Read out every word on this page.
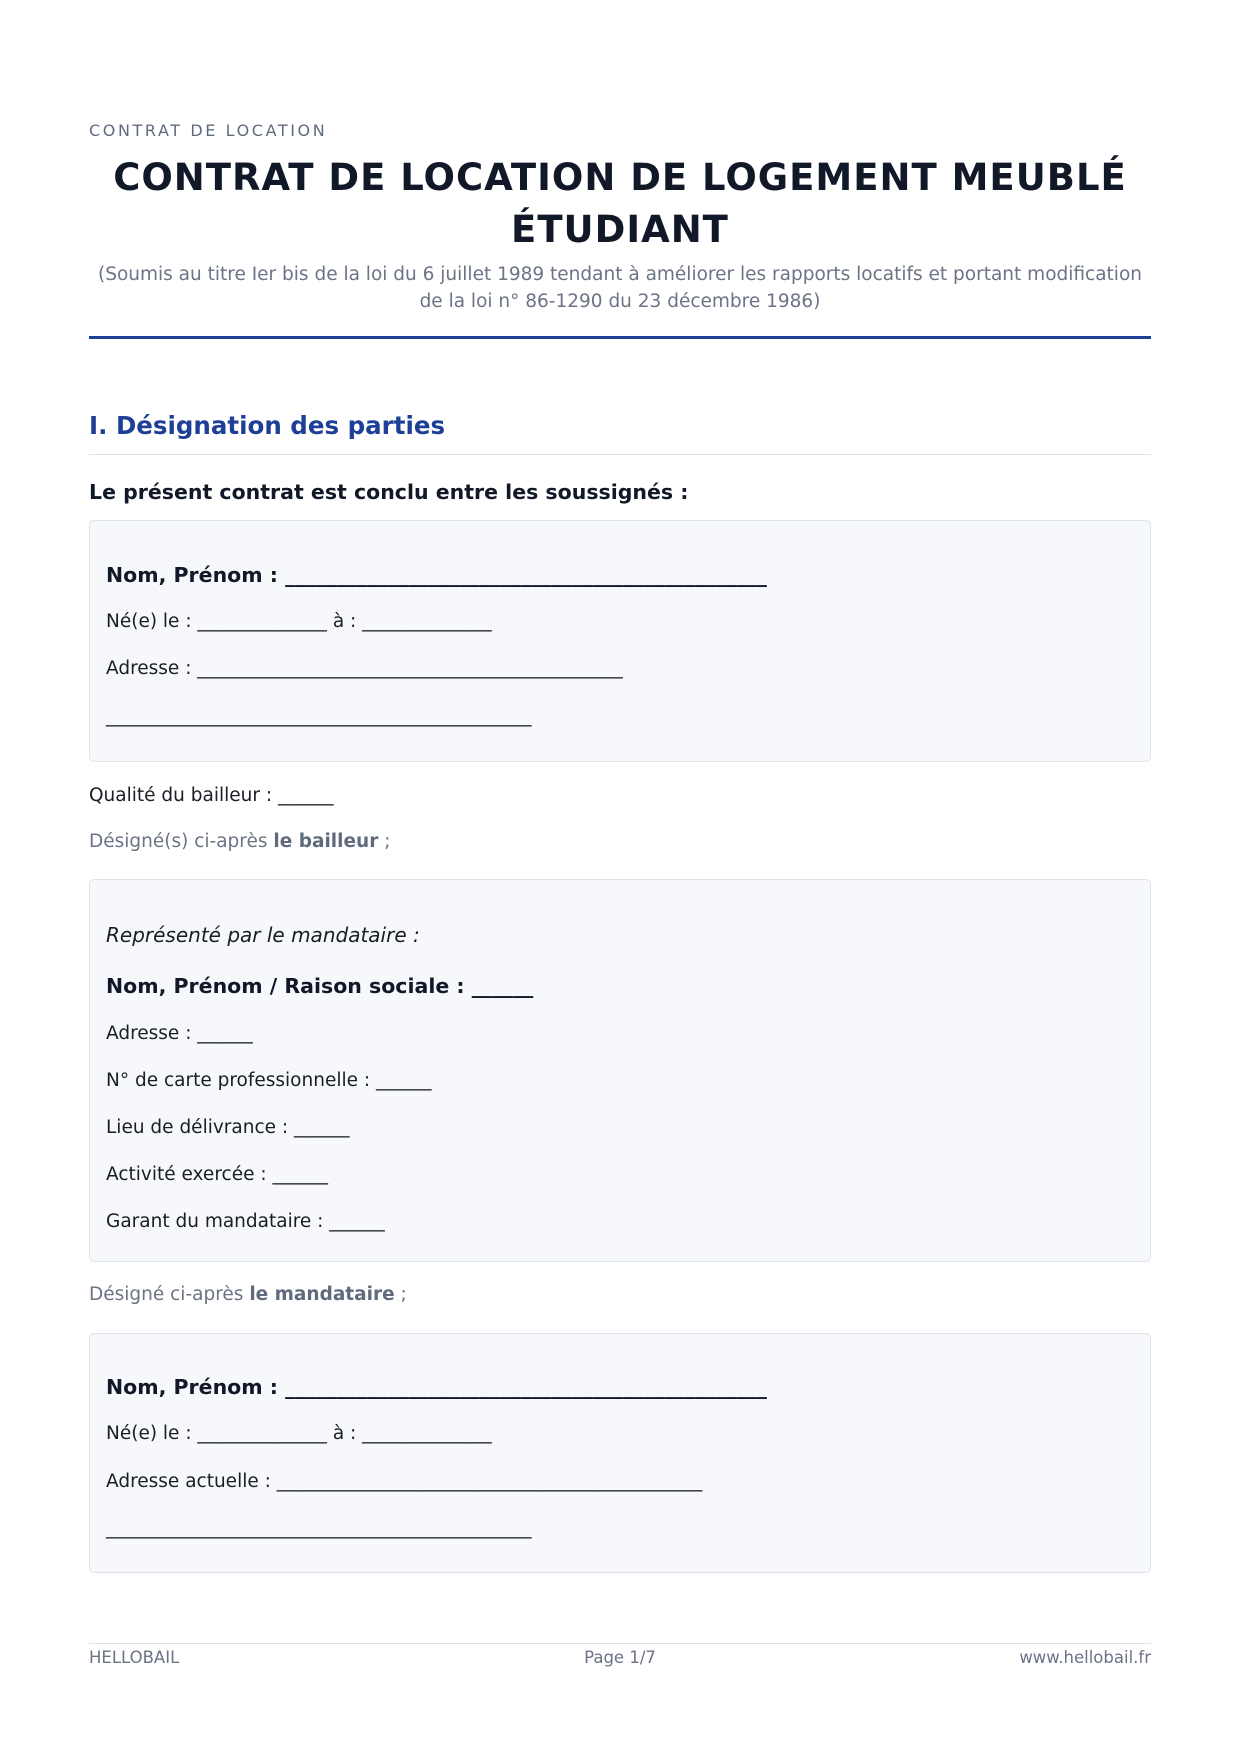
CONTRAT DE LOCATION
CONTRAT DE LOCATION DE LOGEMENT MEUBLÉ ÉTUDIANT
(Soumis au titre Ier bis de la loi du 6 juillet 1989 tendant à améliorer les rapports locatifs et portant modification de la loi n° 86-1290 du 23 décembre 1986)
I. Désignation des parties
Le présent contrat est conclu entre les soussignés :
Nom, Prénom : _______________________________________________
Né(e) le : ______________ à : ______________
Adresse : ______________________________________________
______________________________________________
Qualité du bailleur : ______
Désigné(s) ci-après le bailleur ;
Représenté par le mandataire :
Nom, Prénom / Raison sociale : ______
Adresse : ______
N° de carte professionnelle : ______
Lieu de délivrance : ______
Activité exercée : ______
Garant du mandataire : ______
Désigné ci-après le mandataire ;
Nom, Prénom : _______________________________________________
Né(e) le : ______________ à : ______________
Adresse actuelle : ______________________________________________
______________________________________________
HELLOBAIL	Page 1/7	www.hellobail.fr
